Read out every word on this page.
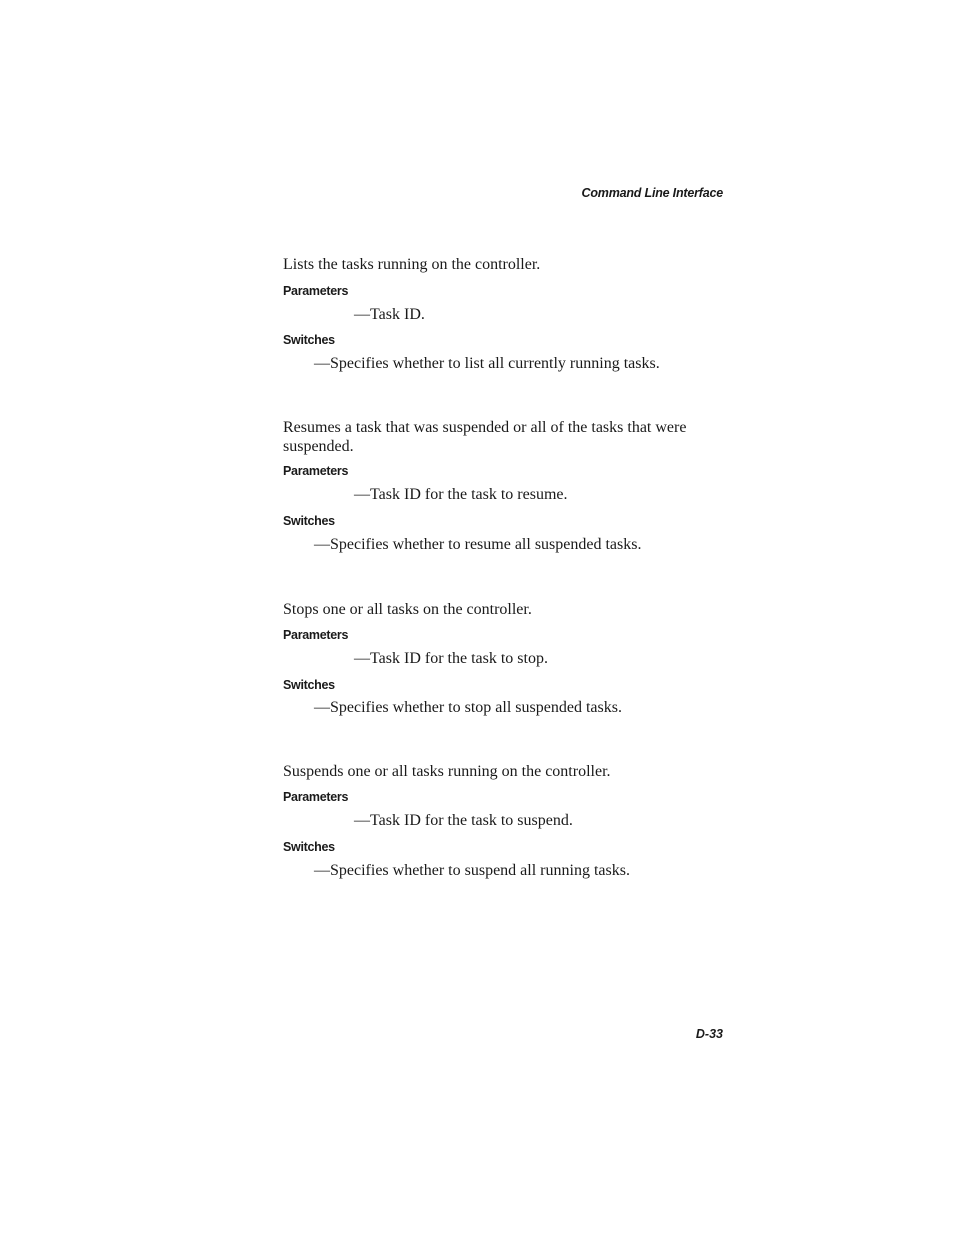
Command Line Interface
Lists the tasks running on the controller.
Parameters
—Task ID.
Switches
—Specifies whether to list all currently running tasks.
Resumes a task that was suspended or all of the tasks that were suspended.
Parameters
—Task ID for the task to resume.
Switches
—Specifies whether to resume all suspended tasks.
Stops one or all tasks on the controller.
Parameters
—Task ID for the task to stop.
Switches
—Specifies whether to stop all suspended tasks.
Suspends one or all tasks running on the controller.
Parameters
—Task ID for the task to suspend.
Switches
—Specifies whether to suspend all running tasks.
D-33
